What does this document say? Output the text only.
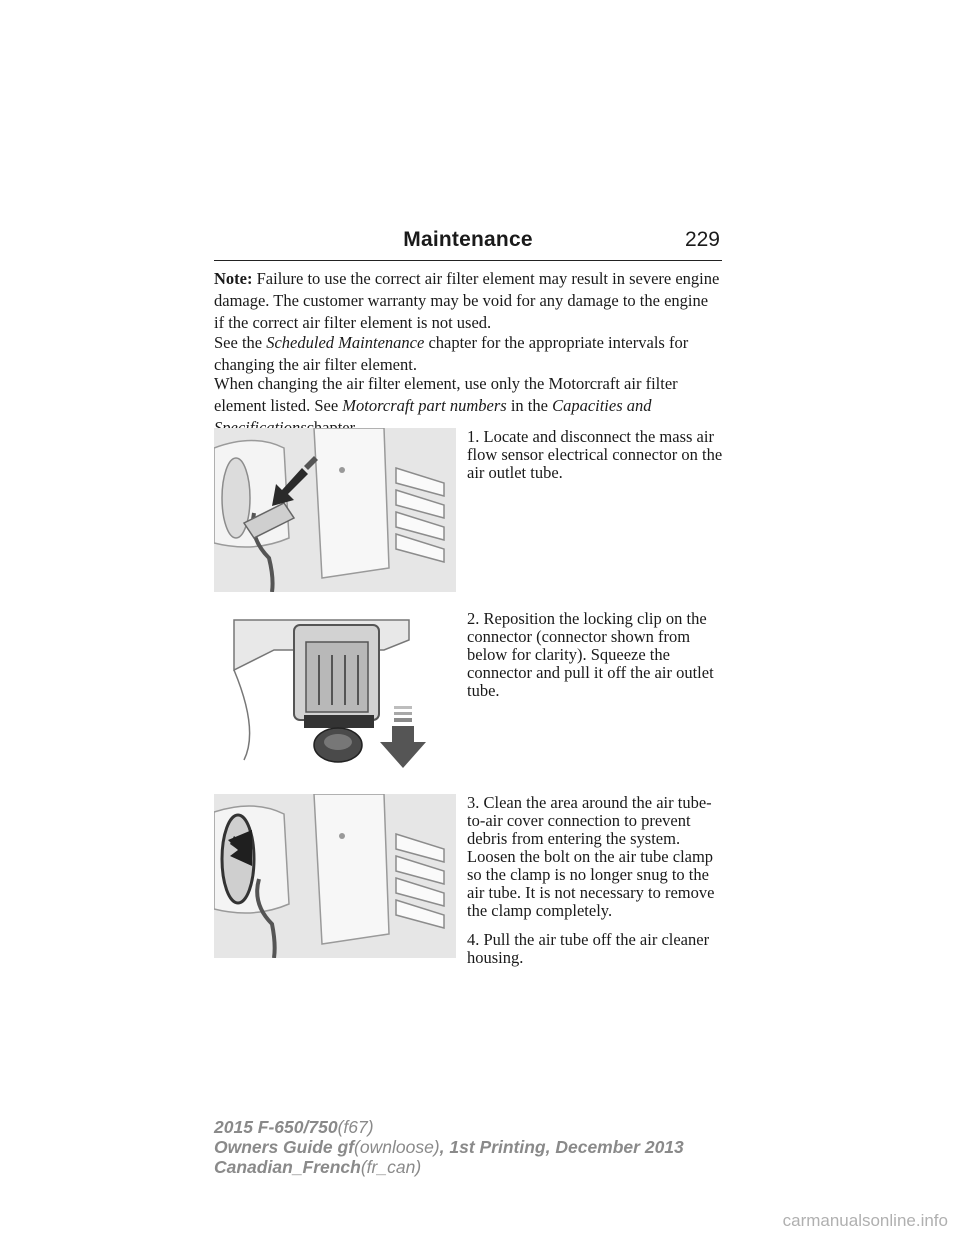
Maintenance	229

Note: Failure to use the correct air filter element may result in severe engine damage. The customer warranty may be void for any damage to the engine if the correct air filter element is not used.

See the Scheduled Maintenance chapter for the appropriate intervals for changing the air filter element.

When changing the air filter element, use only the Motorcraft air filter element listed. See Motorcraft part numbers in the Capacities and

1. Locate and disconnect the mass air flow sensor electrical connector on the air outlet tube.
2. Reposition the locking clip on the connector (connector shown from below for clarity). Squeeze the connector and pull it off the air outlet tube.
3. Clean the area around the air tube-to-air cover connection to prevent debris from entering the system. Loosen the bolt on the air tube clamp so the clamp is no longer snug to the air tube. It is not necessary to remove the clamp completely.
4. Pull the air tube off the air cleaner housing.
2015 F-650/750(f67)
Owners Guide gf(ownloose), 1st Printing, December 2013
Canadian_French(fr_can)
carmanualsonline.info
